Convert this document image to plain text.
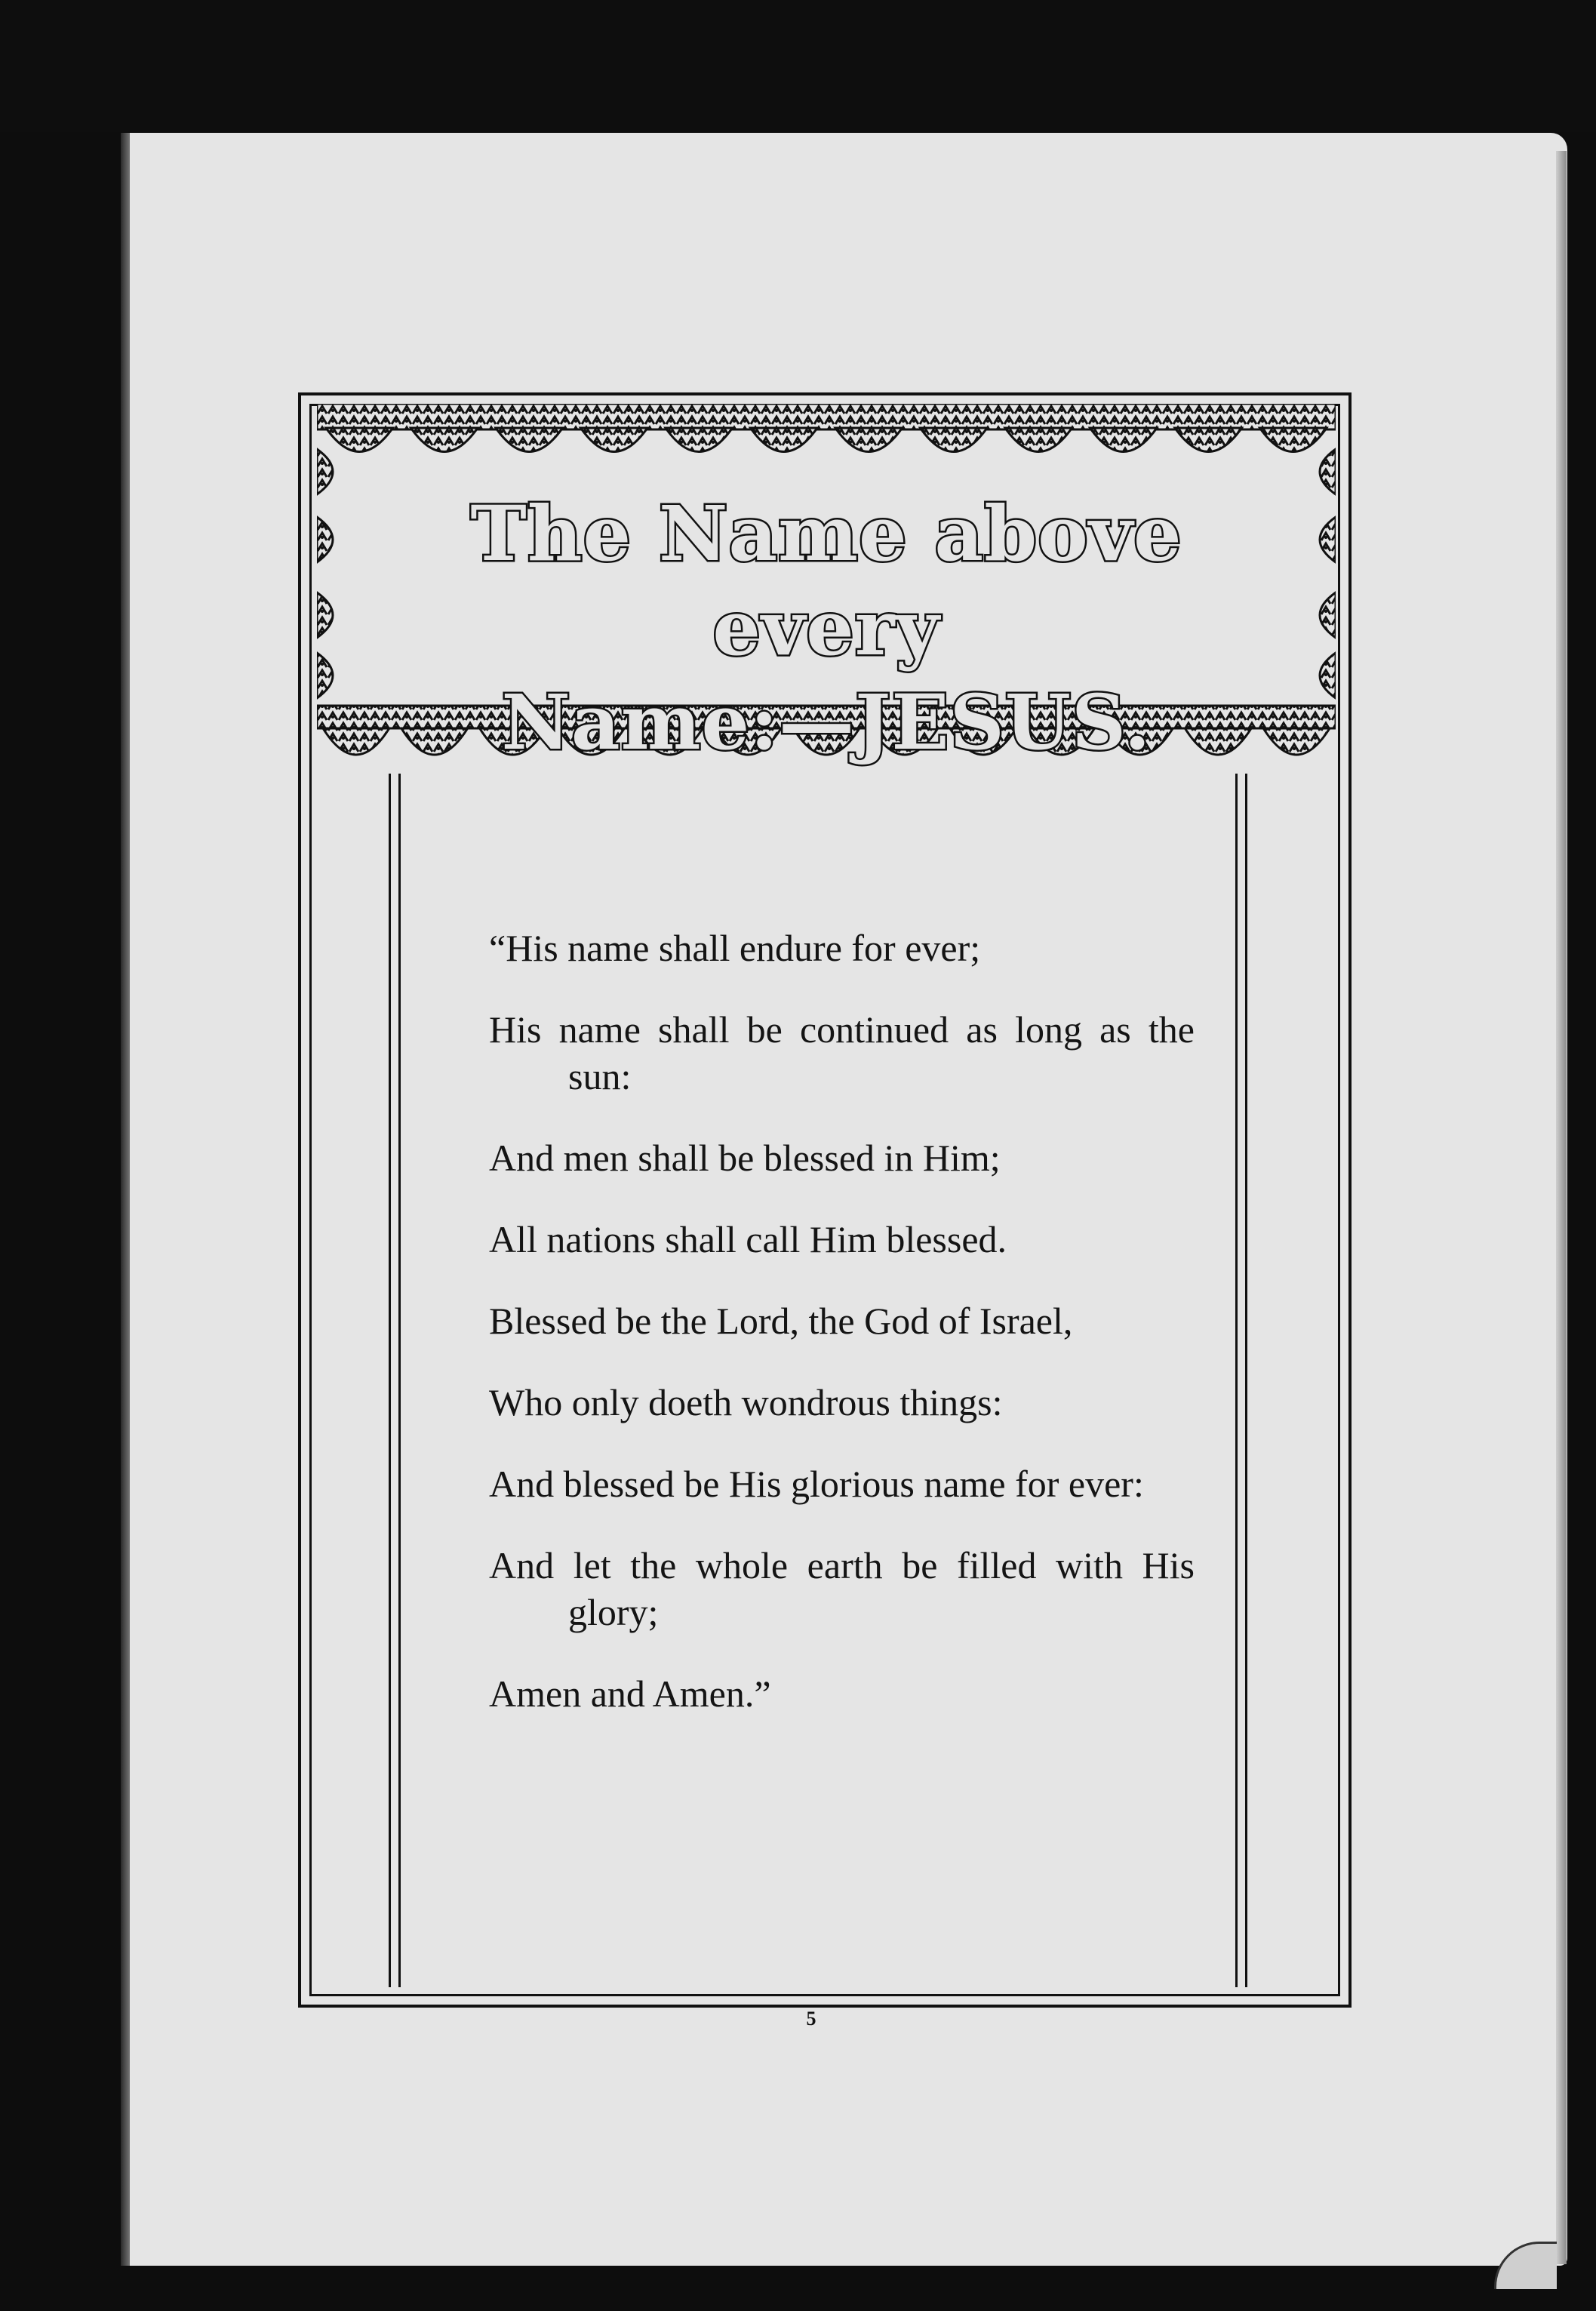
The Name above every
Name:—JESUS.

“His name shall endure for ever;

His name shall be continued as long as the sun:

And men shall be blessed in Him;

All nations shall call Him blessed.

Blessed be the Lord, the God of Israel,

Who only doeth wondrous things:

And blessed be His glorious name for ever:

And let the whole earth be filled with His glory;

Amen and Amen.”

5
